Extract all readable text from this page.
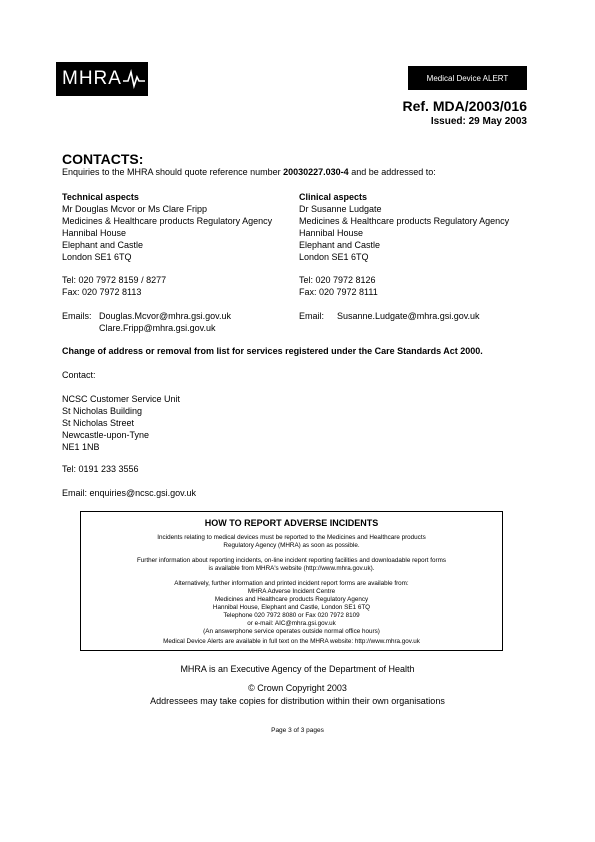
MHRA	Medical Device ALERT
Ref. MDA/2003/016
Issued: 29 May 2003
CONTACTS:
Enquiries to the MHRA should quote reference number 20030227.030-4 and be addressed to:
Technical aspects
Mr Douglas Mcvor or Ms Clare Fripp
Medicines & Healthcare products Regulatory Agency
Hannibal House
Elephant and Castle
London SE1 6TQ
Tel: 020 7972 8159 / 8277
Fax: 020 7972 8113
Emails: Douglas.Mcvor@mhra.gsi.gov.uk
Clare.Fripp@mhra.gsi.gov.uk
Clinical aspects
Dr Susanne Ludgate
Medicines & Healthcare products Regulatory Agency
Hannibal House
Elephant and Castle
London SE1 6TQ
Tel: 020 7972 8126
Fax: 020 7972 8111
Email: Susanne.Ludgate@mhra.gsi.gov.uk
Change of address or removal from list for services registered under the Care Standards Act 2000.
Contact:
NCSC Customer Service Unit
St Nicholas Building
St Nicholas Street
Newcastle-upon-Tyne
NE1 1NB
Tel: 0191 233 3556
Email: enquiries@ncsc.gsi.gov.uk
HOW TO REPORT ADVERSE INCIDENTS
Incidents relating to medical devices must be reported to the Medicines and Healthcare products
Regulatory Agency (MHRA) as soon as possible.
Further information about reporting incidents, on-line incident reporting facilities and downloadable report forms
is available from MHRA's website (http://www.mhra.gov.uk).
Alternatively, further information and printed incident report forms are available from:
MHRA Adverse Incident Centre
Medicines and Healthcare products Regulatory Agency
Hannibal House, Elephant and Castle, London SE1 6TQ
Telephone 020 7972 8080 or Fax 020 7972 8109
or e-mail: AIC@mhra.gsi.gov.uk
(An answerphone service operates outside normal office hours)
Medical Device Alerts are available in full text on the MHRA website: http://www.mhra.gov.uk
MHRA is an Executive Agency of the Department of Health
© Crown Copyright 2003
Addressees may take copies for distribution within their own organisations
Page 3 of 3 pages
